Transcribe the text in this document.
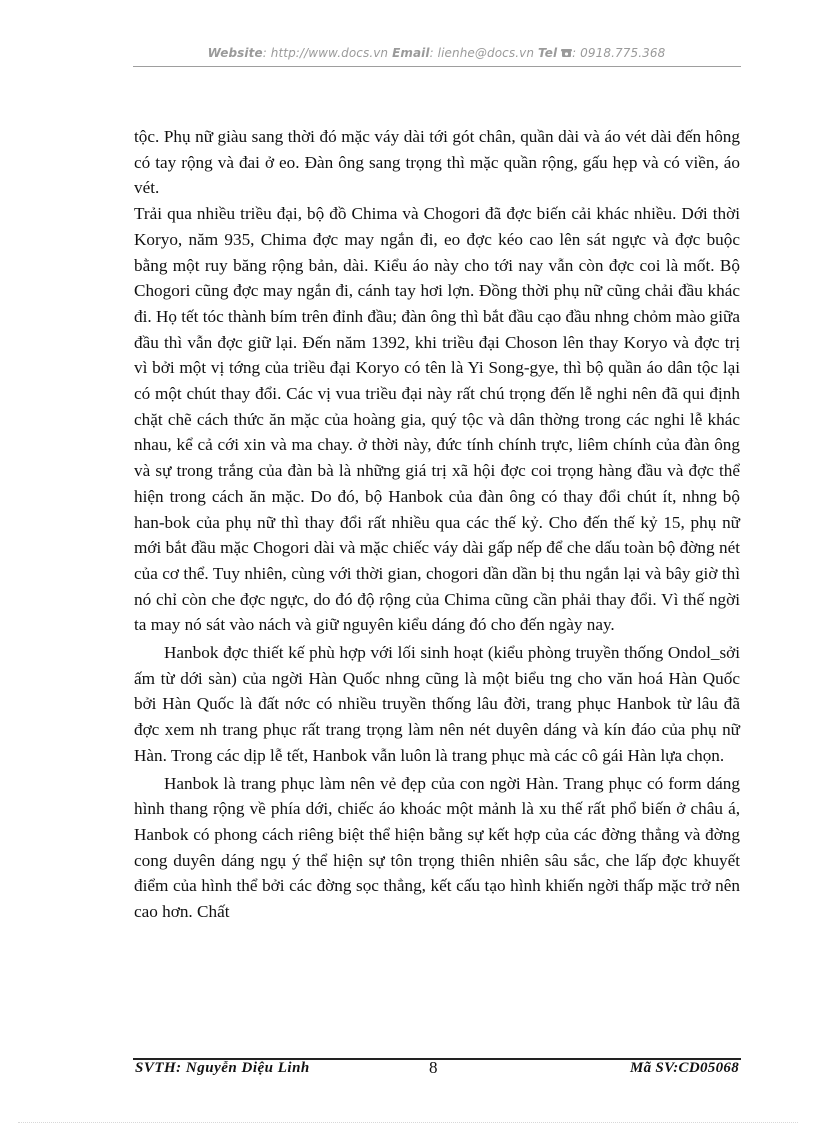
Website: http://www.docs.vn Email: lienhe@docs.vn Tel : 0918.775.368

tộc. Phụ nữ giàu sang thời đó mặc váy dài tới gót chân, quần dài và áo vét dài đến hông có tay rộng và đai ở eo. Đàn ông sang trọng thì mặc quần rộng, gấu hẹp và có viền, áo vét.

Trải qua nhiều triều đại, bộ đồ Chima và Chogori đã đợc biến cải khác nhiều. Dới thời Koryo, năm 935, Chima đợc may ngắn đi, eo đợc kéo cao lên sát ngực và đợc buộc bằng một ruy băng rộng bản, dài. Kiểu áo này cho tới nay vẫn còn đợc coi là mốt. Bộ Chogori cũng đợc may ngắn đi, cánh tay hơi lợn. Đồng thời phụ nữ cũng chải đầu khác đi. Họ tết tóc thành bím trên đỉnh đầu; đàn ông thì bắt đầu cạo đầu nhng chỏm mào giữa đầu thì vẫn đợc giữ lại. Đến năm 1392, khi triều đại Choson lên thay Koryo và đợc trị vì bởi một vị tớng của triều đại Koryo có tên là Yi Song-gye, thì bộ quần áo dân tộc lại có một chút thay đổi. Các vị vua triều đại này rất chú trọng đến lễ nghi nên đã qui định chặt chẽ cách thức ăn mặc của hoàng gia, quý tộc và dân thờng trong các nghi lễ khác nhau, kể cả cới xin và ma chay. ở thời này, đức tính chính trực, liêm chính của đàn ông và sự trong trắng của đàn bà là những giá trị xã hội đợc coi trọng hàng đầu và đợc thể hiện trong cách ăn mặc. Do đó, bộ Hanbok của đàn ông có thay đổi chút ít, nhng bộ han-bok của phụ nữ thì thay đổi rất nhiều qua các thế kỷ. Cho đến thế kỷ 15, phụ nữ mới bắt đầu mặc Chogori dài và mặc chiếc váy dài gấp nếp để che dấu toàn bộ đờng nét của cơ thể. Tuy nhiên, cùng với thời gian, chogori dần dần bị thu ngắn lại và bây giờ thì nó chỉ còn che đợc ngực, do đó độ rộng của Chima cũng cần phải thay đổi. Vì thế ngời ta may nó sát vào nách và giữ nguyên kiểu dáng đó cho đến ngày nay.

Hanbok đợc thiết kế phù hợp với lối sinh hoạt (kiểu phòng truyền thống Ondol_sởi ấm từ dới sàn) của ngời Hàn Quốc nhng cũng là một biểu tng cho văn hoá Hàn Quốc bởi Hàn Quốc là đất nớc có nhiều truyền thống lâu đời, trang phục Hanbok từ lâu đã đợc xem nh trang phục rất trang trọng làm nên nét duyên dáng và kín đáo của phụ nữ Hàn. Trong các dịp lễ tết, Hanbok vẫn luôn là trang phục mà các cô gái Hàn lựa chọn.

Hanbok là trang phục làm nên vẻ đẹp của con ngời Hàn. Trang phục có form dáng hình thang rộng về phía dới, chiếc áo khoác một mảnh là xu thế rất phổ biến ở châu á, Hanbok có phong cách riêng biệt thể hiện bằng sự kết hợp của các đờng thẳng và đờng cong duyên dáng ngụ ý thể hiện sự tôn trọng thiên nhiên sâu sắc, che lấp đợc khuyết điểm của hình thể bởi các đờng sọc thẳng, kết cấu tạo hình khiến ngời thấp mặc trở nên cao hơn. Chất

SVTH: Nguyễn Diệu Linh	8	Mã SV:CD05068
